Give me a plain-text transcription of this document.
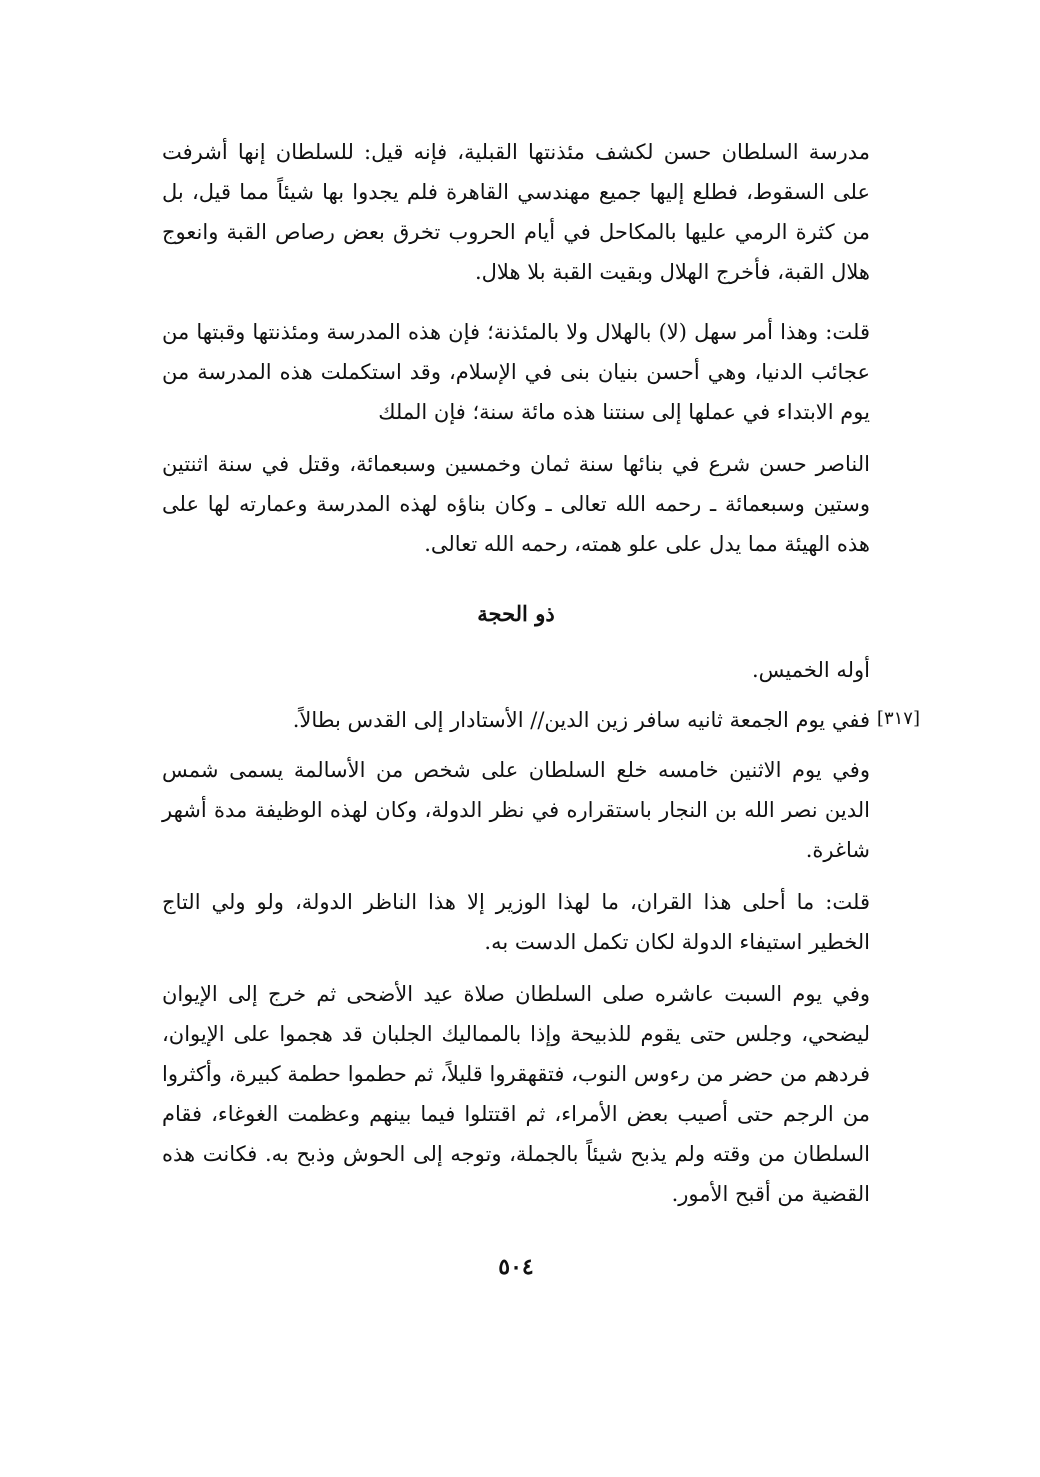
مدرسة السلطان حسن لكشف مئذنتها القبلية، فإنه قيل: للسلطان إنها أشرفت على السقوط، فطلع إليها جميع مهندسي القاهرة فلم يجدوا بها شيئاً مما قيل، بل من كثرة الرمي عليها بالمكاحل في أيام الحروب تخرق بعض رصاص القبة وانعوج هلال القبة، فأخرج الهلال وبقيت القبة بلا هلال.

قلت: وهذا أمر سهل (لا) بالهلال ولا بالمئذنة؛ فإن هذه المدرسة ومئذنتها وقبتها من عجائب الدنيا، وهي أحسن بنيان بنى في الإسلام، وقد استكملت هذه المدرسة من يوم الابتداء في عملها إلى سنتنا هذه مائة سنة؛ فإن الملك

الناصر حسن شرع في بنائها سنة ثمان وخمسين وسبعمائة، وقتل في سنة اثنتين وستين وسبعمائة ـ رحمه الله تعالى ـ وكان بناؤه لهذه المدرسة وعمارته لها على هذه الهيئة مما يدل على علو همته، رحمه الله تعالى.

ذو الحجة

أوله الخميس.

[٣١٧]

ففي يوم الجمعة ثانيه سافر زين الدين// الأستادار إلى القدس بطالاً.

وفي يوم الاثنين خامسه خلع السلطان على شخص من الأسالمة يسمى شمس الدين نصر الله بن النجار باستقراره في نظر الدولة، وكان لهذه الوظيفة مدة أشهر شاغرة.

قلت: ما أحلى هذا القران، ما لهذا الوزير إلا هذا الناظر الدولة، ولو ولي التاج الخطير استيفاء الدولة لكان تكمل الدست به.

وفي يوم السبت عاشره صلى السلطان صلاة عيد الأضحى ثم خرج إلى الإيوان ليضحي، وجلس حتى يقوم للذبيحة وإذا بالمماليك الجلبان قد هجموا على الإيوان، فردهم من حضر من رءوس النوب، فتقهقروا قليلاً، ثم حطموا حطمة كبيرة، وأكثروا من الرجم حتى أصيب بعض الأمراء، ثم اقتتلوا فيما بينهم وعظمت الغوغاء، فقام السلطان من وقته ولم يذبح شيئاً بالجملة، وتوجه إلى الحوش وذبح به. فكانت هذه القضية من أقبح الأمور.

٥٠٤
